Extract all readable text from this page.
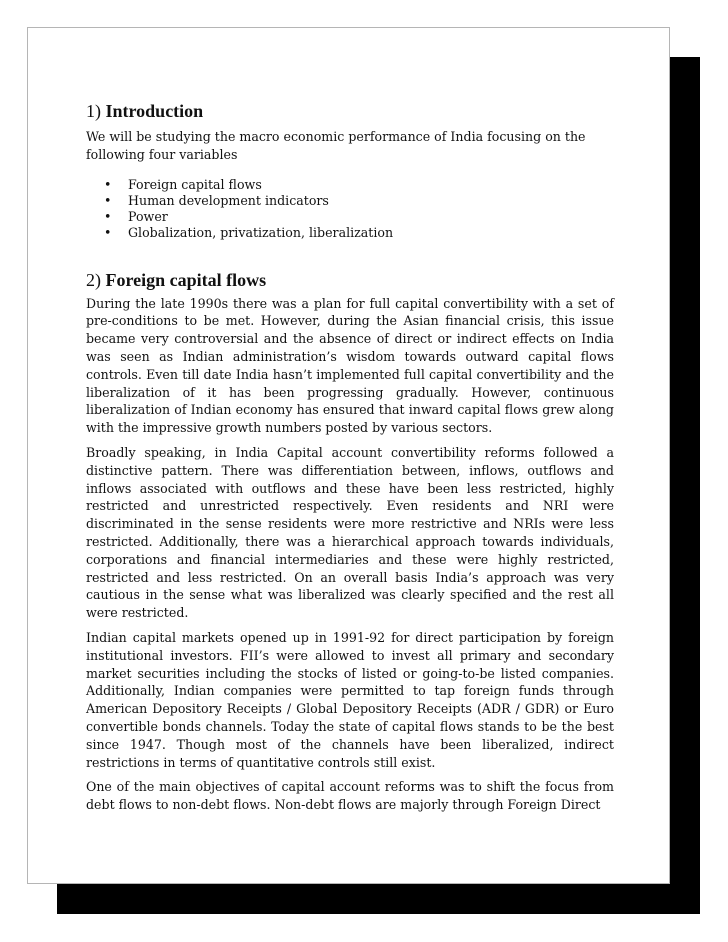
1) Introduction

We will be studying the macro economic performance of India focusing on the following four variables

• Foreign capital flows
• Human development indicators
• Power
• Globalization, privatization, liberalization
2) Foreign capital flows

During the late 1990s there was a plan for full capital convertibility with a set of pre-conditions to be met. However, during the Asian financial crisis, this issue became very controversial and the absence of direct or indirect effects on India was seen as Indian administration’s wisdom towards outward capital flows controls. Even till date India hasn’t implemented full capital convertibility and the liberalization of it has been progressing gradually. However, continuous liberalization of Indian economy has ensured that inward capital flows grew along with the impressive growth numbers posted by various sectors.

Broadly speaking, in India Capital account convertibility reforms followed a distinctive pattern. There was differentiation between, inflows, outflows and inflows associated with outflows and these have been less restricted, highly restricted and unrestricted respectively. Even residents and NRI were discriminated in the sense residents were more restrictive and NRIs were less restricted. Additionally, there was a hierarchical approach towards individuals, corporations and financial intermediaries and these were highly restricted, restricted and less restricted. On an overall basis India’s approach was very cautious in the sense what was liberalized was clearly specified and the rest all were restricted.

Indian capital markets opened up in 1991-92 for direct participation by foreign institutional investors. FII’s were allowed to invest all primary and secondary market securities including the stocks of listed or going-to-be listed companies. Additionally, Indian companies were permitted to tap foreign funds through American Depository Receipts / Global Depository Receipts (ADR / GDR) or Euro convertible bonds channels. Today the state of capital flows stands to be the best since 1947. Though most of the channels have been liberalized, indirect restrictions in terms of quantitative controls still exist.

One of the main objectives of capital account reforms was to shift the focus from debt flows to non-debt flows. Non-debt flows are majorly through Foreign Direct
